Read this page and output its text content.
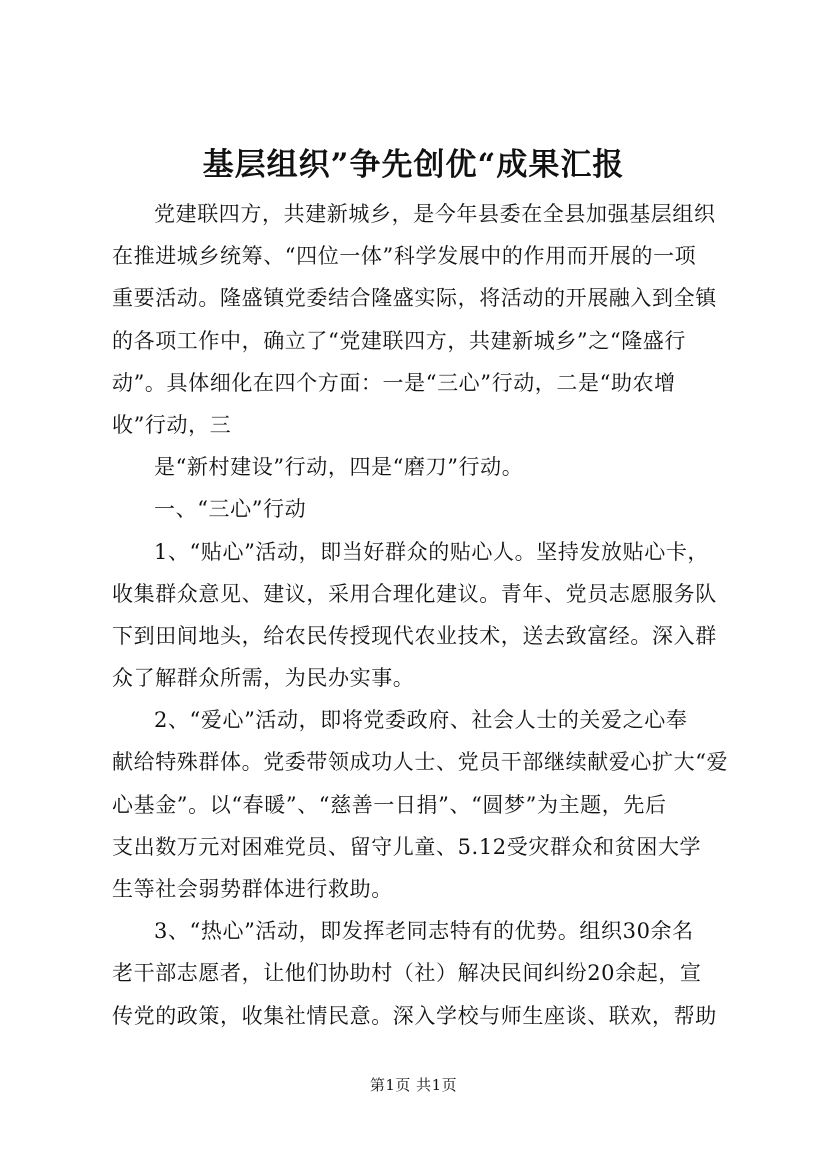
基层组织”争先创优“成果汇报
党建联四方，共建新城乡，是今年县委在全县加强基层组织
在推进城乡统筹、“四位一体”科学发展中的作用而开展的一项
重要活动。隆盛镇党委结合隆盛实际，将活动的开展融入到全镇
的各项工作中，确立了“党建联四方，共建新城乡”之“隆盛行
动”。具体细化在四个方面：一是“三心”行动，二是“助农增
收”行动，三
是“新村建设”行动，四是“磨刀”行动。
一、“三心”行动
1、“贴心”活动，即当好群众的贴心人。坚持发放贴心卡，
收集群众意见、建议，采用合理化建议。青年、党员志愿服务队
下到田间地头，给农民传授现代农业技术，送去致富经。深入群
众了解群众所需，为民办实事。
2、“爱心”活动，即将党委政府、社会人士的关爱之心奉
献给特殊群体。党委带领成功人士、党员干部继续献爱心扩大“爱
心基金”。以“春暖”、“慈善一日捐”、“圆梦”为主题，先后
支出数万元对困难党员、留守儿童、5.12受灾群众和贫困大学
生等社会弱势群体进行救助。
3、“热心”活动，即发挥老同志特有的优势。组织30余名
老干部志愿者，让他们协助村（社）解决民间纠纷20余起，宣
传党的政策，收集社情民意。深入学校与师生座谈、联欢，帮助
第1页 共1页
